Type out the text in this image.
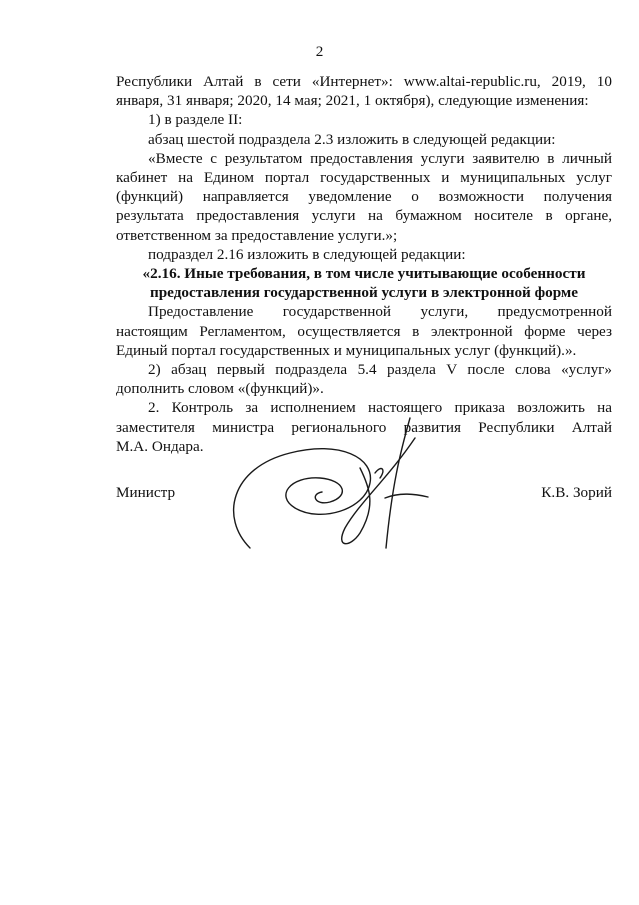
2

Республики Алтай в сети «Интернет»: www.altai-republic.ru, 2019, 10

января, 31 января; 2020, 14 мая; 2021, 1 октября), следующие изменения:

1) в разделе II:

абзац шестой подраздела 2.3 изложить в следующей редакции:

«Вместе с результатом предоставления услуги заявителю в личный

кабинет на Едином портал государственных и муниципальных услуг

(функций) направляется уведомление о возможности получения

результата предоставления услуги на бумажном носителе в органе,

ответственном за предоставление услуги.»;

подраздел 2.16 изложить в следующей редакции:

«2.16. Иные требования, в том числе учитывающие особенности

предоставления государственной услуги в электронной форме

Предоставление государственной услуги, предусмотренной

настоящим Регламентом, осуществляется в электронной форме через

Единый портал государственных и муниципальных услуг (функций).».

2) абзац первый подраздела 5.4 раздела V после слова «услуг»

дополнить словом «(функций)».

2. Контроль за исполнением настоящего приказа возложить на

заместителя министра регионального развития Республики Алтай

М.А. Ондара.

Министр	К.В. Зорий
